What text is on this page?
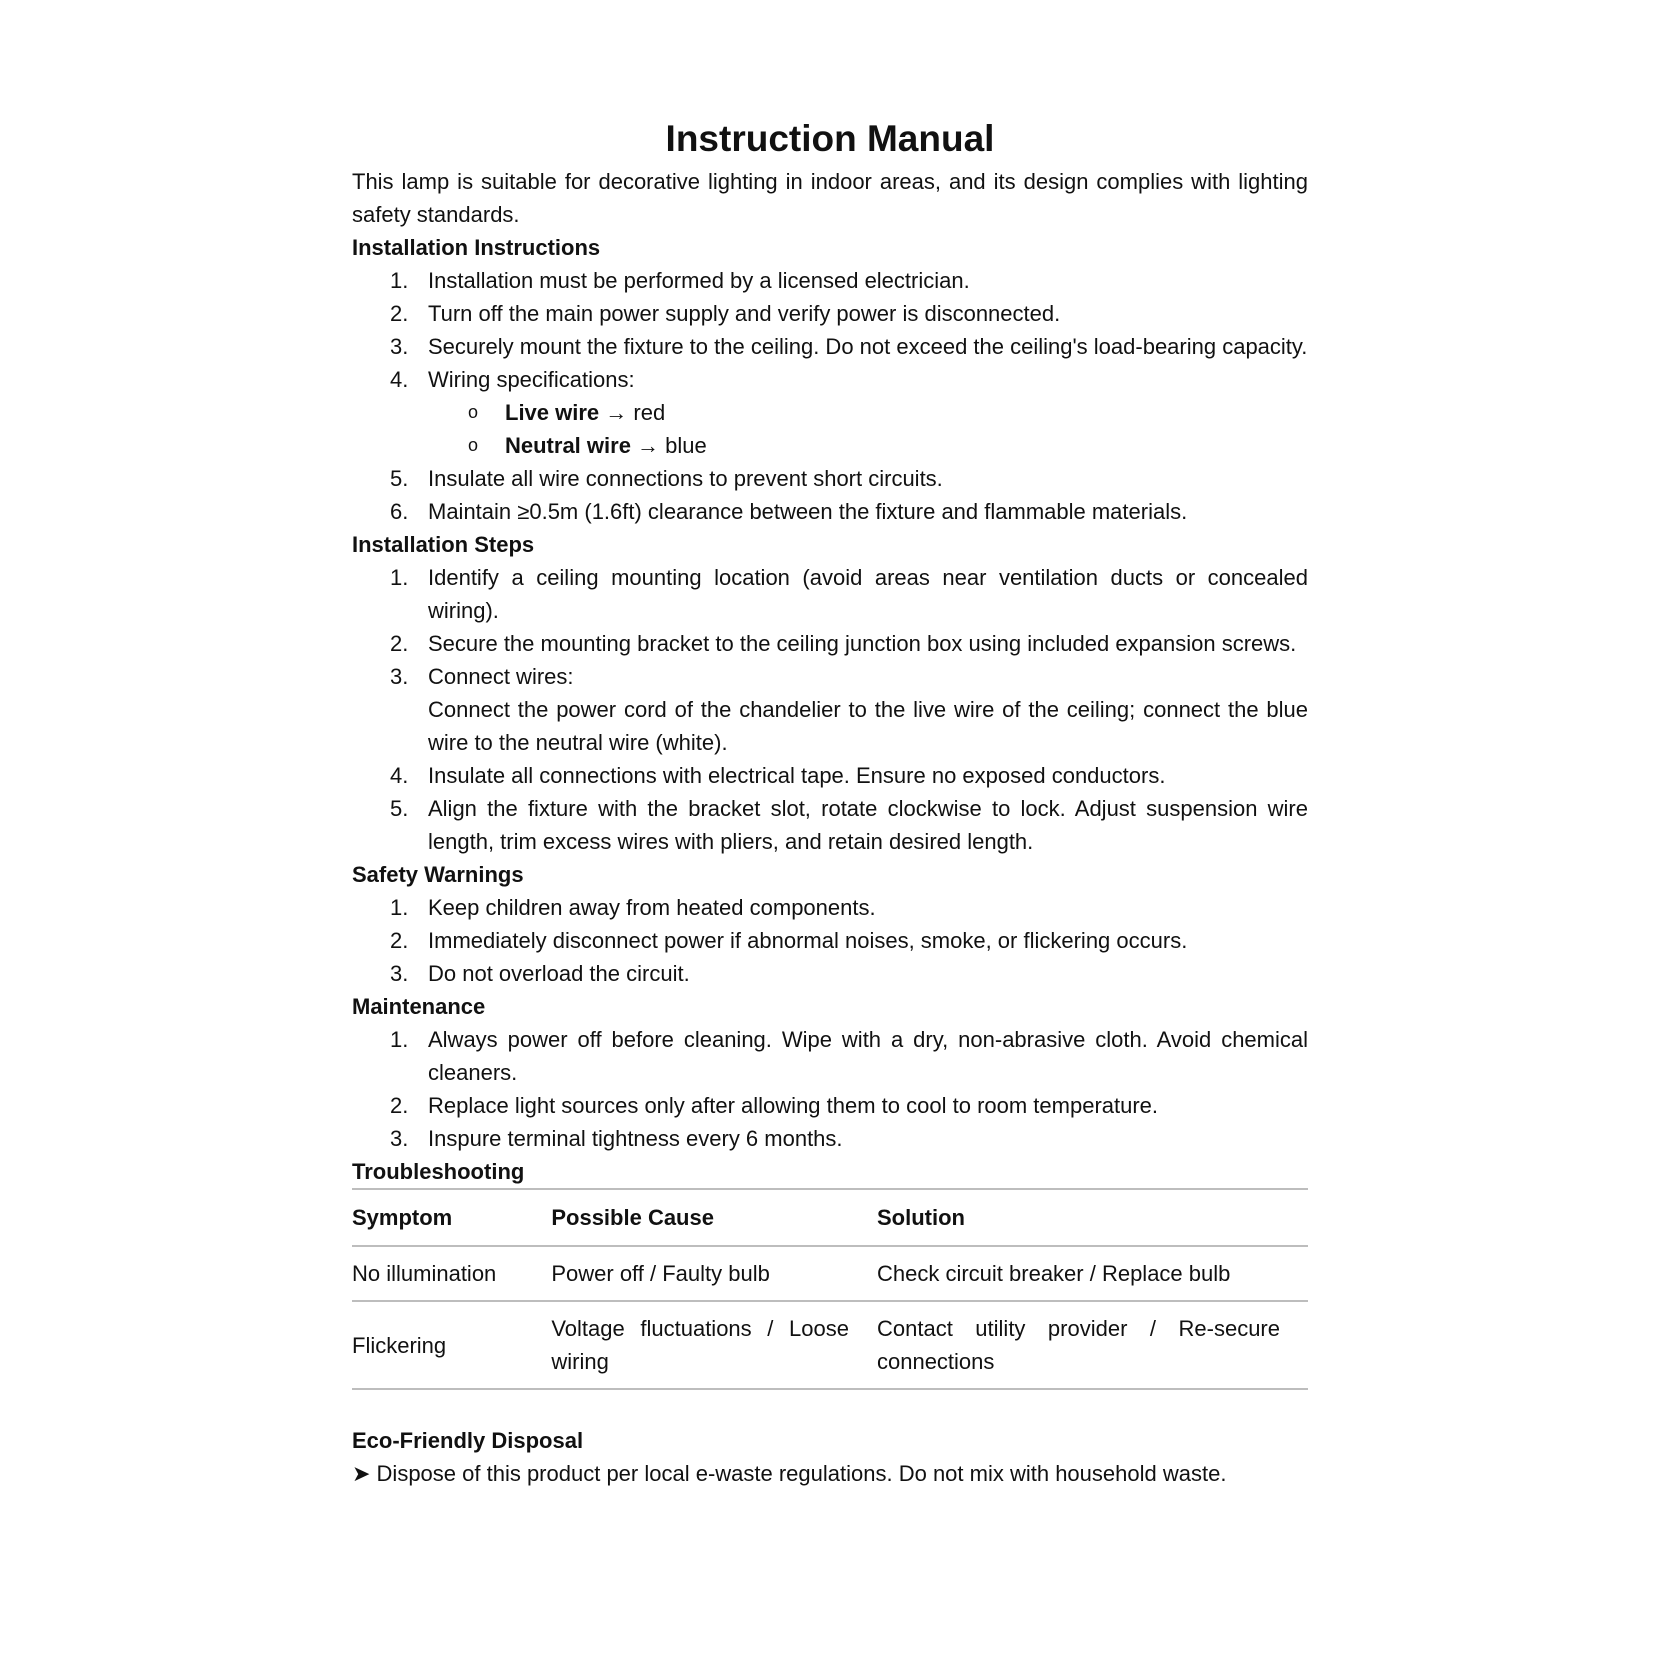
Instruction Manual

This lamp is suitable for decorative lighting in indoor areas, and its design complies with lighting safety standards.

Installation Instructions
1. Installation must be performed by a licensed electrician.
2. Turn off the main power supply and verify power is disconnected.
3. Securely mount the fixture to the ceiling. Do not exceed the ceiling's load-bearing capacity.
4. Wiring specifications:
o Live wire → red
o Neutral wire → blue
5. Insulate all wire connections to prevent short circuits.
6. Maintain ≥0.5m (1.6ft) clearance between the fixture and flammable materials.
Installation Steps
1. Identify a ceiling mounting location (avoid areas near ventilation ducts or concealed wiring).
2. Secure the mounting bracket to the ceiling junction box using included expansion screws.
3. Connect wires:
Connect the power cord of the chandelier to the live wire of the ceiling; connect the blue wire to the neutral wire (white).
4. Insulate all connections with electrical tape. Ensure no exposed conductors.
5. Align the fixture with the bracket slot, rotate clockwise to lock. Adjust suspension wire length, trim excess wires with pliers, and retain desired length.
Safety Warnings
1. Keep children away from heated components.
2. Immediately disconnect power if abnormal noises, smoke, or flickering occurs.
3. Do not overload the circuit.
Maintenance
1. Always power off before cleaning. Wipe with a dry, non-abrasive cloth. Avoid chemical cleaners.
2. Replace light sources only after allowing them to cool to room temperature.
3. Inspure terminal tightness every 6 months.
Troubleshooting
Symptom	Possible Cause	Solution
No illumination	Power off / Faulty bulb	Check circuit breaker / Replace bulb
Flickering	Voltage fluctuations / Loose wiring	Contact utility provider / Re-secure connections
Eco-Friendly Disposal

➤ Dispose of this product per local e-waste regulations. Do not mix with household waste.
